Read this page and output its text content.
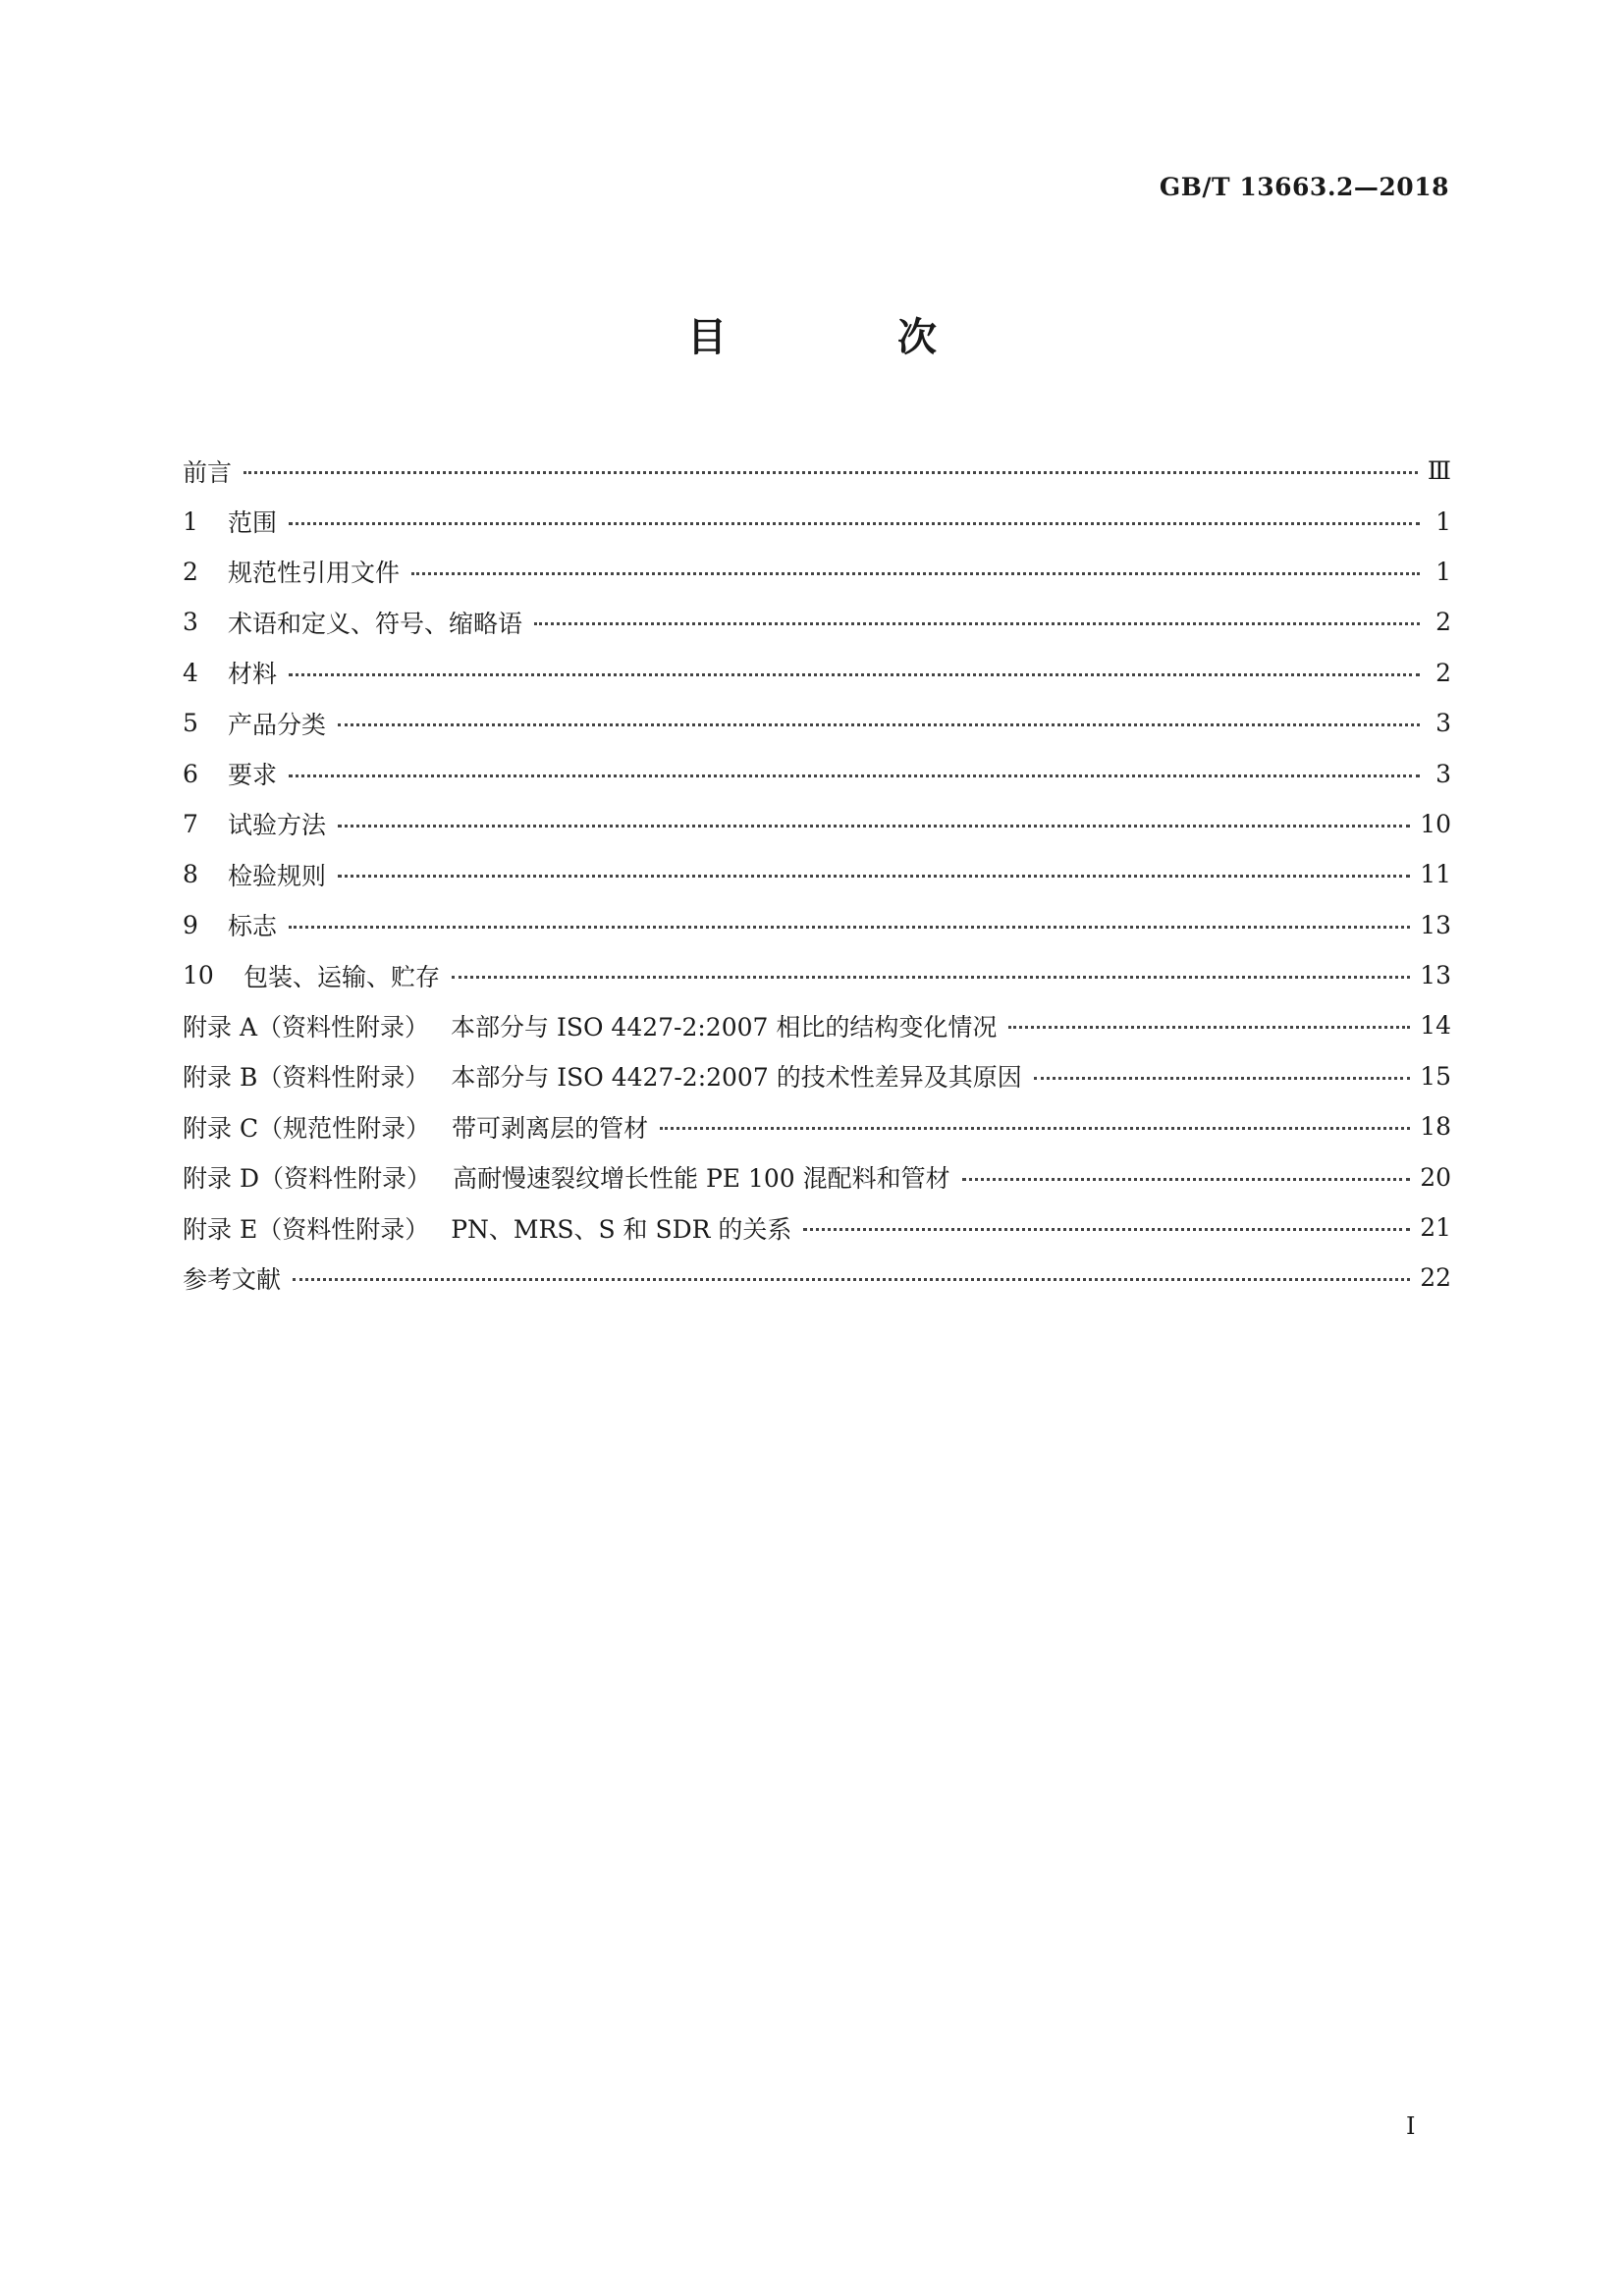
GB/T 13663.2—2018
目 次
前言	Ⅲ
1	范围	1
2	规范性引用文件	1
3	术语和定义、符号、缩略语	2
4	材料	2
5	产品分类	3
6	要求	3
7	试验方法	10
8	检验规则	11
9	标志	13
10	包装、运输、贮存	13
附录 A（资料性附录） 本部分与 ISO 4427-2:2007 相比的结构变化情况	14
附录 B（资料性附录） 本部分与 ISO 4427-2:2007 的技术性差异及其原因	15
附录 C（规范性附录） 带可剥离层的管材	18
附录 D（资料性附录） 高耐慢速裂纹增长性能 PE 100 混配料和管材	20
附录 E（资料性附录） PN、MRS、S 和 SDR 的关系	21
参考文献	22
Ⅰ
